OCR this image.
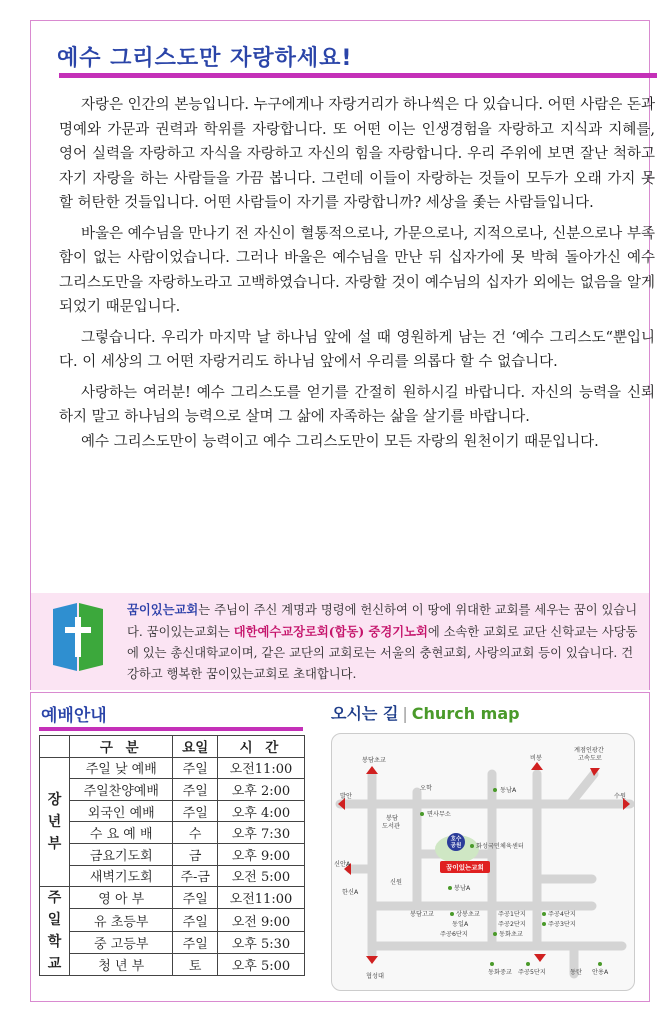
예수 그리스도만 자랑하세요!

자랑은 인간의 본능입니다. 누구에게나 자랑거리가 하나씩은 다 있습니다. 어떤 사람은 돈과 명예와 가문과 권력과 학위를 자랑합니다. 또 어떤 이는 인생경험을 자랑하고 지식과 지혜를, 영어 실력을 자랑하고 자식을 자랑하고 자신의 힘을 자랑합니다. 우리 주위에 보면 잘난 척하고 자기 자랑을 하는 사람들을 가끔 봅니다. 그런데 이들이 자랑하는 것들이 모두가 오래 가지 못할 허탄한 것들입니다. 어떤 사람들이 자기를 자랑합니까? 세상을 좇는 사람들입니다.

바울은 예수님을 만나기 전 자신이 혈통적으로나, 가문으로나, 지적으로나, 신분으로나 부족함이 없는 사람이었습니다. 그러나 바울은 예수님을 만난 뒤 십자가에 못 박혀 돌아가신 예수 그리스도만을 자랑하노라고 고백하였습니다. 자랑할 것이 예수님의 십자가 외에는 없음을 알게 되었기 때문입니다.

그렇습니다. 우리가 마지막 날 하나님 앞에 설 때 영원하게 남는 건 ‘예수 그리스도“뿐입니다. 이 세상의 그 어떤 자랑거리도 하나님 앞에서 우리를 의롭다 할 수 없습니다.

사랑하는 여러분! 예수 그리스도를 얻기를 간절히 원하시길 바랍니다. 자신의 능력을 신뢰하지 말고 하나님의 능력으로 살며 그 삶에 자족하는 삶을 살기를 바랍니다.

예수 그리스도만이 능력이고 예수 그리스도만이 모든 자랑의 원천이기 때문입니다.

꿈이있는교회는 주님이 주신 계명과 명령에 헌신하여 이 땅에 위대한 교회를 세우는 꿈이 있습니다. 꿈이있는교회는 대한예수교장로회(합동) 중경기노회에 소속한 교회로 교단 신학교는 사당동에 있는 총신대학교이며, 같은 교단의 교회로는 서울의 충현교회, 사랑의교회 등이 있습니다. 건강하고 행복한 꿈이있는교회로 초대합니다.
예배안내
	구 분	요일	시 간

장
년
부	주일 낮 예배	주일	오전11:00
	주일찬양예배	주일	오후 2:00
	외국인 예배	주일	오후 4:00
	수 요 예 배	수	오후 7:30
	금요기도회	금	오후 9:00
	새벽기도회	주-금	오전 5:00

주
일
학
교	영 아 부	주일	오전11:00
	유 초등부	주일	오전 9:00
	중 고등부	주일	오후 5:30
	청 년 부	토	오후 5:00
오시는 길 | Church map
호수
공원
꿈이있는교회
봉담초교
오학
비봉
계점인광간
고속도로
동남A
발안	수원
봉담
도서관
면사무소
화성국민체육센터
신안A
신원
한신A
봉남A
봉담고교	상봉초교	주공1단지	주공4단지
주공2단지	주공3단지
동일A
동화초교
주공6단지
협성대
동화중교 주공5단지	동탄 안용A
